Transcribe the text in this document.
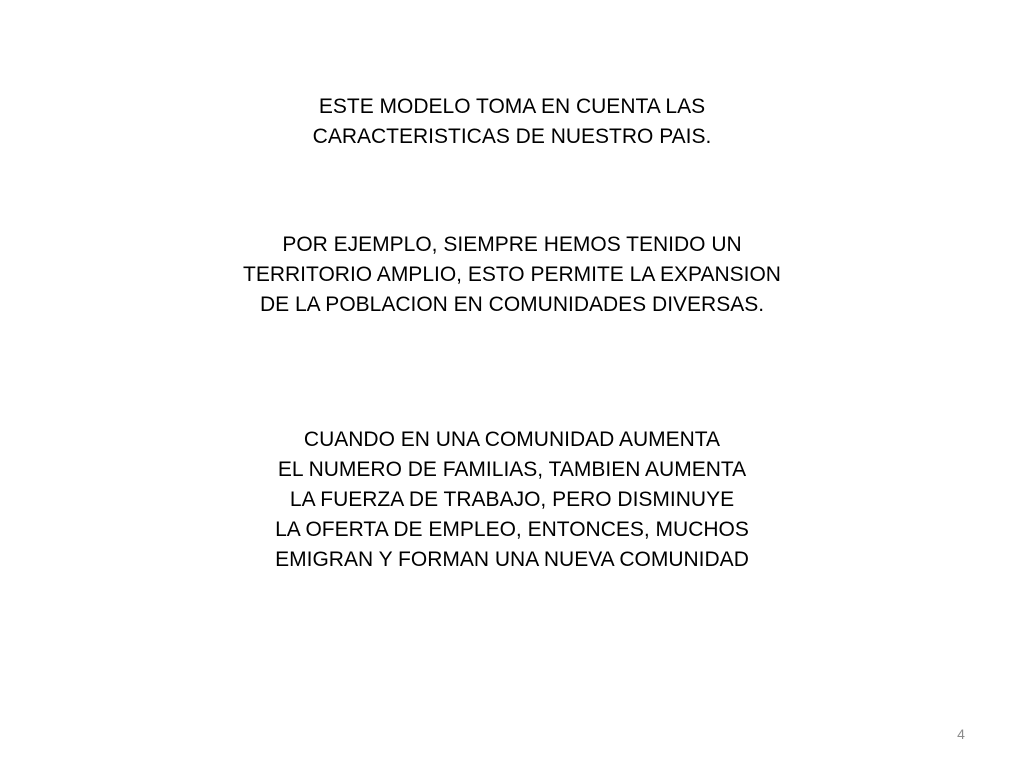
ESTE MODELO TOMA EN CUENTA LAS
CARACTERISTICAS DE NUESTRO PAIS.
POR EJEMPLO, SIEMPRE HEMOS TENIDO UN
TERRITORIO AMPLIO, ESTO PERMITE LA EXPANSION
DE LA POBLACION EN COMUNIDADES DIVERSAS.
CUANDO EN UNA COMUNIDAD AUMENTA
EL NUMERO DE FAMILIAS, TAMBIEN AUMENTA
LA FUERZA DE TRABAJO, PERO DISMINUYE
LA OFERTA DE EMPLEO, ENTONCES, MUCHOS
EMIGRAN Y FORMAN UNA NUEVA COMUNIDAD
4
